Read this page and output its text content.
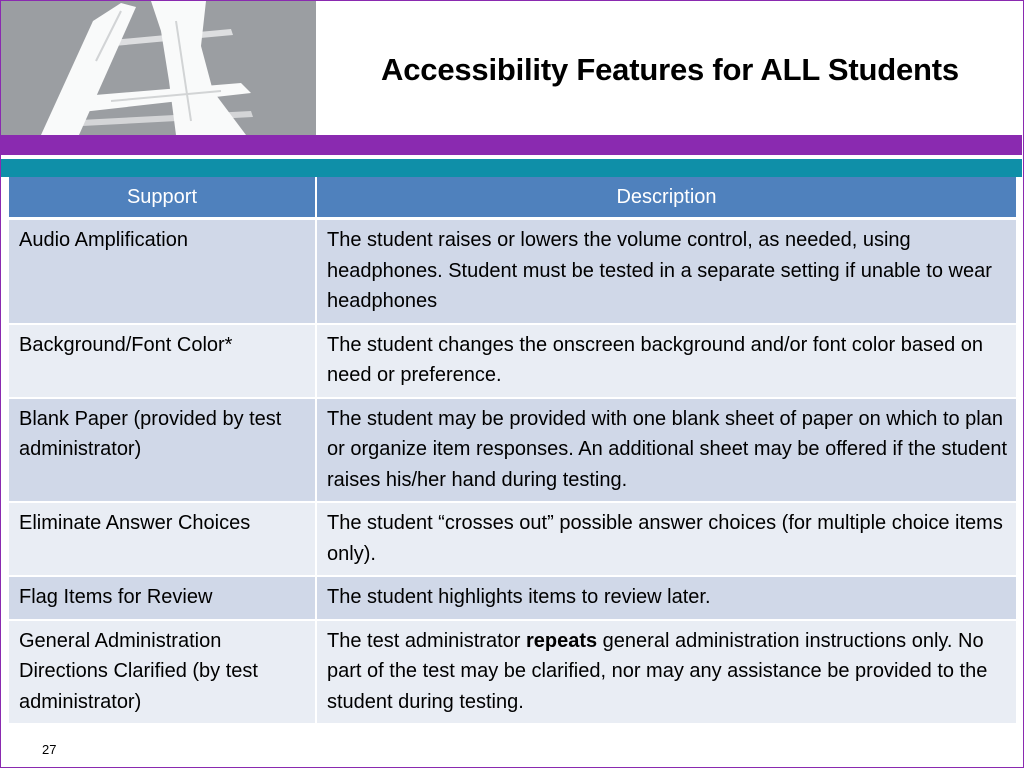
Accessibility Features for ALL Students
Support	Description
Audio Amplification	The student raises or lowers the volume control, as needed, using headphones. Student must be tested in a separate setting if unable to wear headphones
Background/Font Color*	The student changes the onscreen background and/or font color based on need or preference.
Blank Paper (provided by test administrator)	The student may be provided with one blank sheet of paper on which to plan or organize item responses. An additional sheet may be offered if the student raises his/her hand during testing.
Eliminate Answer Choices	The student “crosses out” possible answer choices (for multiple choice items only).
Flag Items for Review	The student highlights items to review later.
General Administration Directions Clarified (by test administrator)	The test administrator repeats general administration instructions only. No part of the test may be clarified, nor may any assistance be provided to the student during testing.
27
